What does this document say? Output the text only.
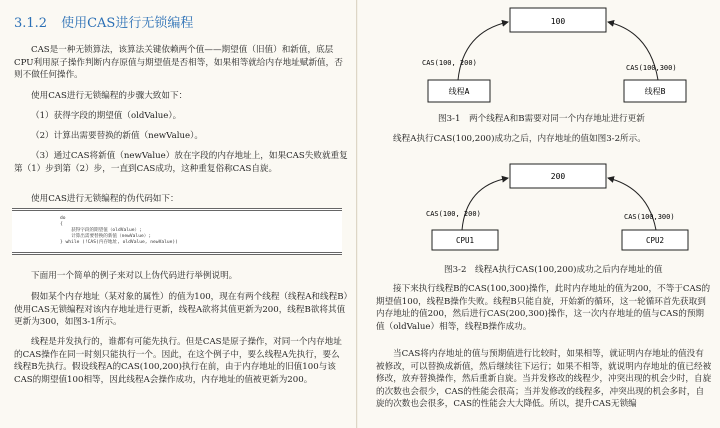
3.1.2 使用CAS进行无锁编程

CAS是一种无锁算法，该算法关键依赖两个值——期望值（旧值）和新值，底层CPU利用原子操作判断内存原值与期望值是否相等，如果相等就给内存地址赋新值，否则不做任何操作。

使用CAS进行无锁编程的步骤大致如下：

（1）获得字段的期望值（oldValue）。

（2）计算出需要替换的新值（newValue）。

（3）通过CAS将新值（newValue）放在字段的内存地址上，如果CAS失败就重复第（1）步到第（2）步，一直到CAS成功，这种重复俗称CAS自旋。

使用CAS进行无锁编程的伪代码如下：

do
{
获得字段的期望值（oldValue）;
计算出需要替换的新值（newValue）;
} while (!CAS(内存地址, oldValue, newValue))

下面用一个简单的例子来对以上伪代码进行举例说明。

假如某个内存地址（某对象的属性）的值为100，现在有两个线程（线程A和线程B）使用CAS无锁编程对该内存地址进行更新，线程A欲将其值更新为200，线程B欲将其值更新为300，如图3-1所示。

线程是并发执行的，谁都有可能先执行。但是CAS是原子操作，对同一个内存地址的CAS操作在同一时刻只能执行一个。因此，在这个例子中，要么线程A先执行，要么线程B先执行。假设线程A的CAS(100,200)执行在前，由于内存地址的旧值100与该CAS的期望值100相等，因此线程A会操作成功，内存地址的值被更新为200。

100
线程A	线程B
CAS(100, 200)
CAS(100,300)
图3-1　两个线程A和B需要对同一个内存地址进行更新

线程A执行CAS(100,200)成功之后，内存地址的值如图3-2所示。

200
CPU1	CPU2
CAS(100, 200)	CAS(100,300)
图3-2　线程A执行CAS(100,200)成功之后内存地址的值

接下来执行线程B的CAS(100,300)操作，此时内存地址的值为200，不等于CAS的期望值100，线程B操作失败。线程B只能自旋，开始新的循环，这一轮循环首先获取到内存地址的值200，然后进行CAS(200,300)操作，这一次内存地址的值与CAS的预期值（oldValue）相等，线程B操作成功。

当CAS将内存地址的值与预期值进行比较时，如果相等，就证明内存地址的值没有被修改，可以替换成新值，然后继续往下运行；如果不相等，就说明内存地址的值已经被修改，放弃替换操作，然后重新自旋。当并发修改的线程少，冲突出现的机会少时，自旋的次数也会很少，CAS的性能会很高；当并发修改的线程多，冲突出现的机会多时，自旋的次数也会很多，CAS的性能会大大降低。所以，提升CAS无锁编
